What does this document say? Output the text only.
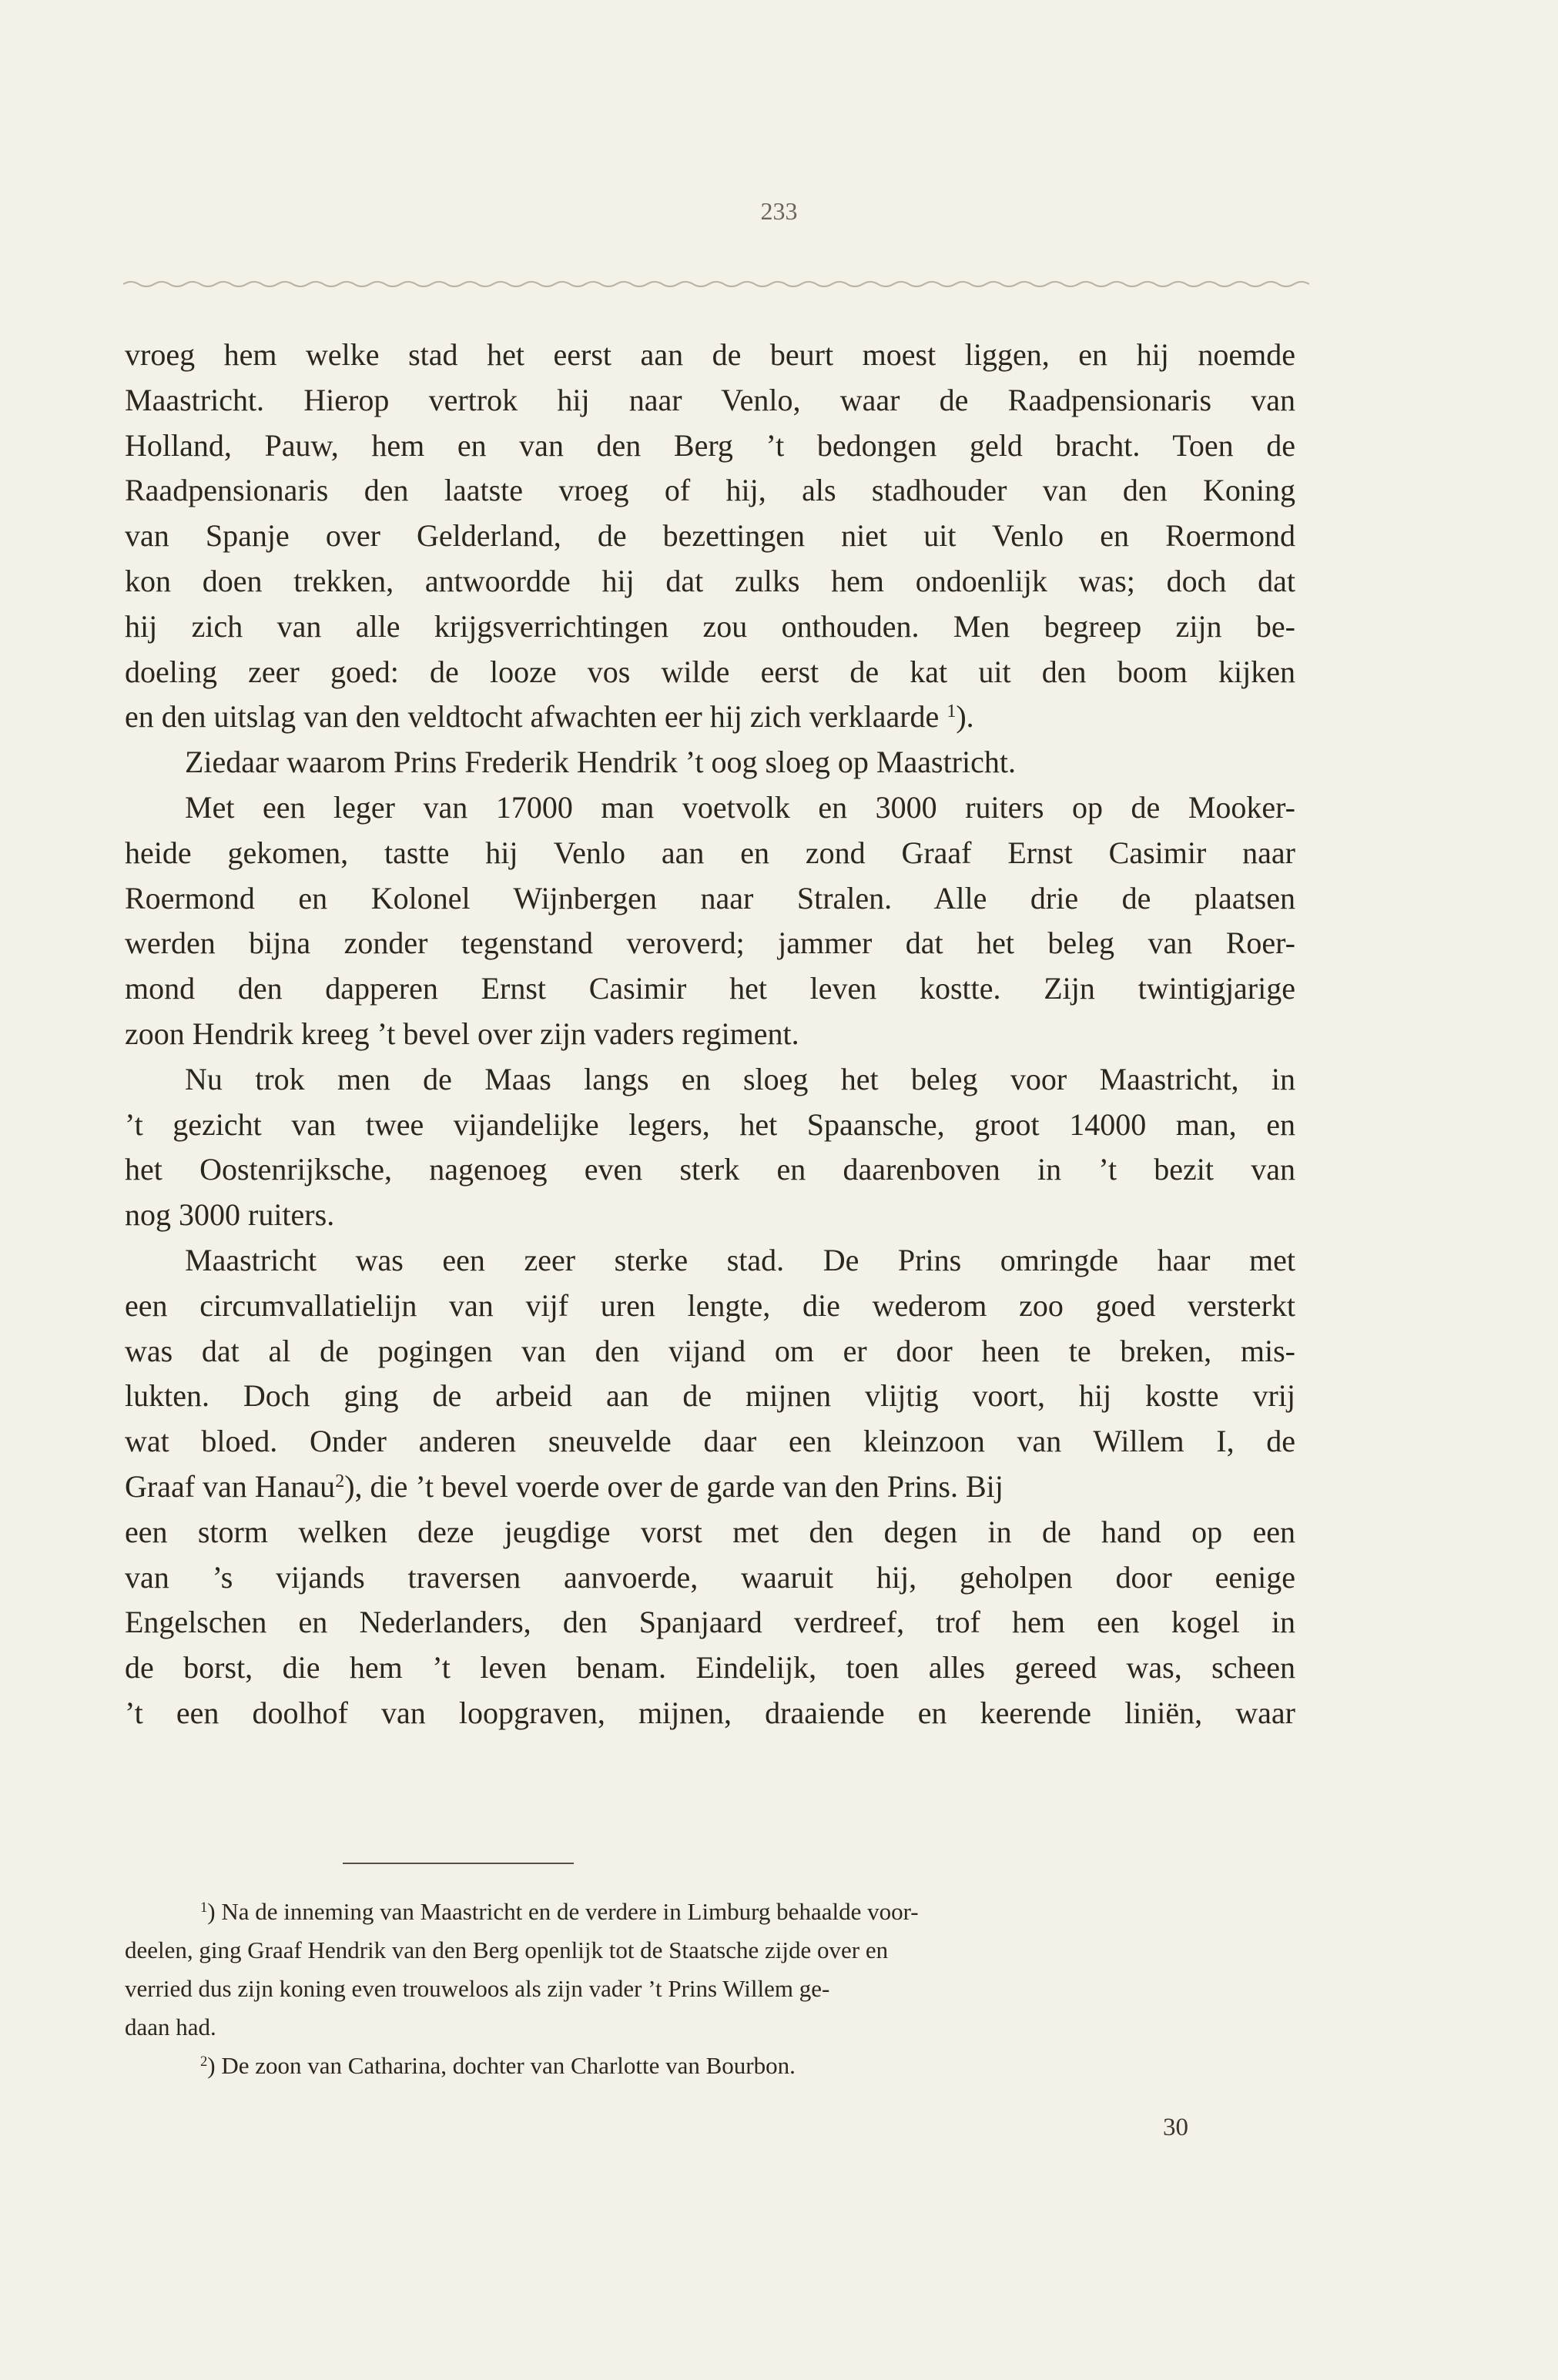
233
vroeg hem welke stad het eerst aan de beurt moest liggen, en hij noemde
Maastricht. Hierop vertrok hij naar Venlo, waar de Raadpensionaris van
Holland, Pauw, hem en van den Berg ’t bedongen geld bracht. Toen de
Raadpensionaris den laatste vroeg of hij, als stadhouder van den Koning
van Spanje over Gelderland, de bezettingen niet uit Venlo en Roermond
kon doen trekken, antwoordde hij dat zulks hem ondoenlijk was; doch dat
hij zich van alle krijgsverrichtingen zou onthouden. Men begreep zijn be-
doeling zeer goed: de looze vos wilde eerst de kat uit den boom kijken
en den uitslag van den veldtocht afwachten eer hij zich verklaarde $^1$).
Ziedaar waarom Prins Frederik Hendrik ’t oog sloeg op Maastricht.
Met een leger van 17000 man voetvolk en 3000 ruiters op de Mooker-
heide gekomen, tastte hij Venlo aan en zond Graaf Ernst Casimir naar
Roermond en Kolonel Wijnbergen naar Stralen. Alle drie de plaatsen
werden bijna zonder tegenstand veroverd; jammer dat het beleg van Roer-
mond den dapperen Ernst Casimir het leven kostte. Zijn twintigjarige
zoon Hendrik kreeg ’t bevel over zijn vaders regiment.
Nu trok men de Maas langs en sloeg het beleg voor Maastricht, in
’t gezicht van twee vijandelijke legers, het Spaansche, groot 14000 man, en
het Oostenrijksche, nagenoeg even sterk en daarenboven in ’t bezit van
nog 3000 ruiters.
Maastricht was een zeer sterke stad. De Prins omringde haar met
een circumvallatielijn van vijf uren lengte, die wederom zoo goed versterkt
was dat al de pogingen van den vijand om er door heen te breken, mis-
lukten. Doch ging de arbeid aan de mijnen vlijtig voort, hij kostte vrij
wat bloed. Onder anderen sneuvelde daar een kleinzoon van Willem I, de
Graaf van Hanau$^2$), die ’t bevel voerde over de garde van den Prins. Bij
een storm welken deze jeugdige vorst met den degen in de hand op een
van ’s vijands traversen aanvoerde, waaruit hij, geholpen door eenige
Engelschen en Nederlanders, den Spanjaard verdreef, trof hem een kogel in
de borst, die hem ’t leven benam. Eindelijk, toen alles gereed was, scheen
’t een doolhof van loopgraven, mijnen, draaiende en keerende liniën, waar
$^1$) Na de inneming van Maastricht en de verdere in Limburg behaalde voor-
deelen, ging Graaf Hendrik van den Berg openlijk tot de Staatsche zijde over en
verried dus zijn koning even trouweloos als zijn vader ’t Prins Willem ge-
daan had.
$^2$) De zoon van Catharina, dochter van Charlotte van Bourbon.
30
